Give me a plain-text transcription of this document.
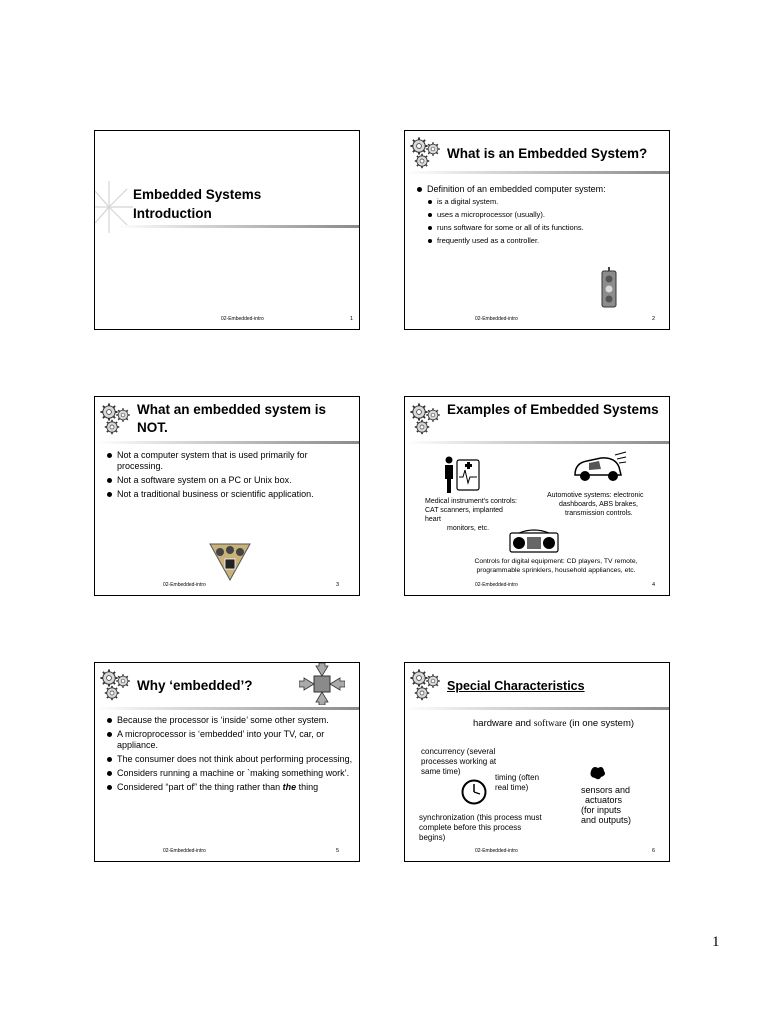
Embedded Systems
Introduction
02-Embedded-intro	1
What is an Embedded System?
Definition of an embedded computer system:
is a digital system.
uses a microprocessor (usually).
runs software for some or all of its functions.
frequently used as a controller.
02-Embedded-intro	2
What an embedded system is NOT.
Not a computer system that is used primarily for processing.
Not a software system on a PC or Unix box.
Not a traditional business or scientific application.
02-Embedded-intro	3
Examples of Embedded Systems
Medical instrument's controls:
CAT scanners, implanted heart
monitors, etc.
Automotive systems: electronic
dashboards, ABS brakes,
transmission controls.
Controls for digital equipment: CD players, TV remote,
programmable sprinklers, household appliances, etc.
02-Embedded-intro	4
Why ‘embedded’?
Because the processor is ‘inside’ some other system.
A microprocessor is ‘embedded’ into your TV, car, or appliance.
The consumer does not think about performing processing,
Considers running a machine or `making something work’.
Considered “part of” the thing rather than the thing
02-Embedded-intro	5
Special Characteristics
hardware and software (in one system)
concurrency (several processes working at same time)
timing (often real time)	sensors and
actuators
(for inputs
and outputs)
synchronization (this process must complete before this process begins)
02-Embedded-intro	6
1
